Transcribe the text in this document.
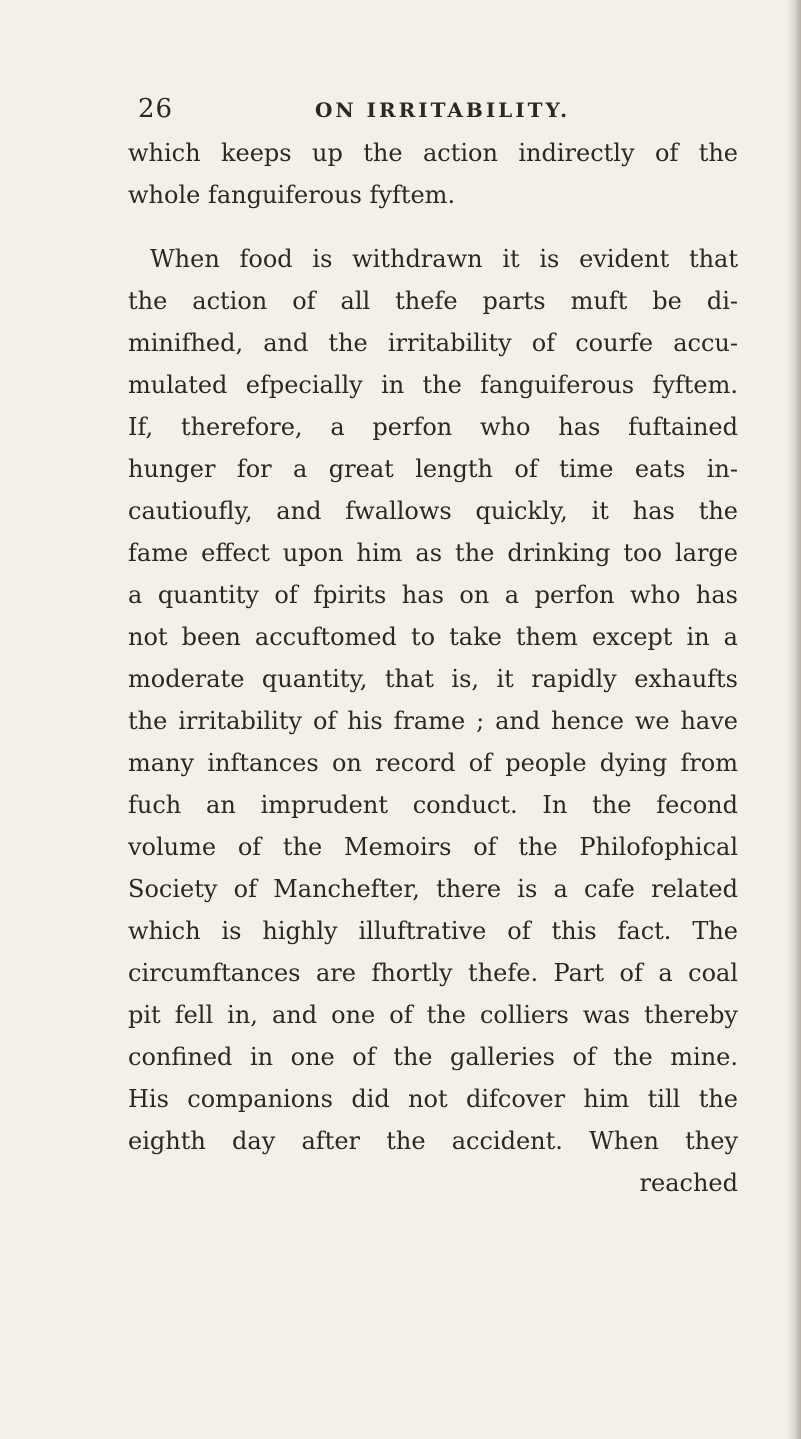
26	ON IRRITABILITY.
which keeps up the action indirectly of the
whole fanguiferous fyftem.
When food is withdrawn it is evident that
the action of all thefe parts muft be di-
minifhed, and the irritability of courfe accu-
mulated efpecially in the fanguiferous fyftem.
If, therefore, a perfon who has fuftained
hunger for a great length of time eats in-
cautioufly, and fwallows quickly, it has the
fame effect upon him as the drinking too large
a quantity of fpirits has on a perfon who has
not been accuftomed to take them except in a
moderate quantity, that is, it rapidly exhaufts
the irritability of his frame ; and hence we have
many inftances on record of people dying from
fuch an imprudent conduct. In the fecond
volume of the Memoirs of the Philofophical
Society of Manchefter, there is a cafe related
which is highly illuftrative of this fact. The
circumftances are fhortly thefe. Part of a coal
pit fell in, and one of the colliers was thereby
confined in one of the galleries of the mine.
His companions did not difcover him till the
eighth day after the accident. When they
reached
